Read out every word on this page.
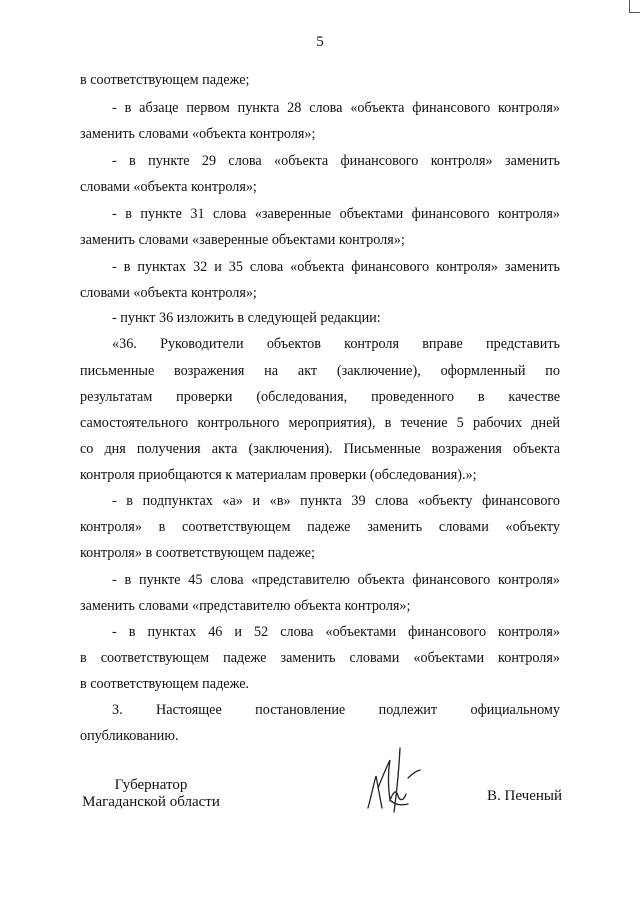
5
в соответствующем падеже;
- в абзаце первом пункта 28 слова «объекта финансового контроля»
заменить словами «объекта контроля»;
- в пункте 29 слова «объекта финансового контроля» заменить
словами «объекта контроля»;
- в пункте 31 слова «заверенные объектами финансового контроля»
заменить словами «заверенные объектами контроля»;
- в пунктах 32 и 35 слова «объекта финансового контроля» заменить
словами «объекта контроля»;
- пункт 36 изложить в следующей редакции:
«36. Руководители объектов контроля вправе представить
письменные возражения на акт (заключение), оформленный по
результатам проверки (обследования, проведенного в качестве
самостоятельного контрольного мероприятия), в течение 5 рабочих дней
со дня получения акта (заключения). Письменные возражения объекта
контроля приобщаются к материалам проверки (обследования).»;
- в подпунктах «а» и «в» пункта 39 слова «объекту финансового
контроля» в соответствующем падеже заменить словами «объекту
контроля» в соответствующем падеже;
- в пункте 45 слова «представителю объекта финансового контроля»
заменить словами «представителю объекта контроля»;
- в пунктах 46 и 52 слова «объектами финансового контроля»
в соответствующем падеже заменить словами «объектами контроля»
в соответствующем падеже.
3. Настоящее постановление подлежит официальному
опубликованию.
Губернатор
Магаданской области	В. Печеный
